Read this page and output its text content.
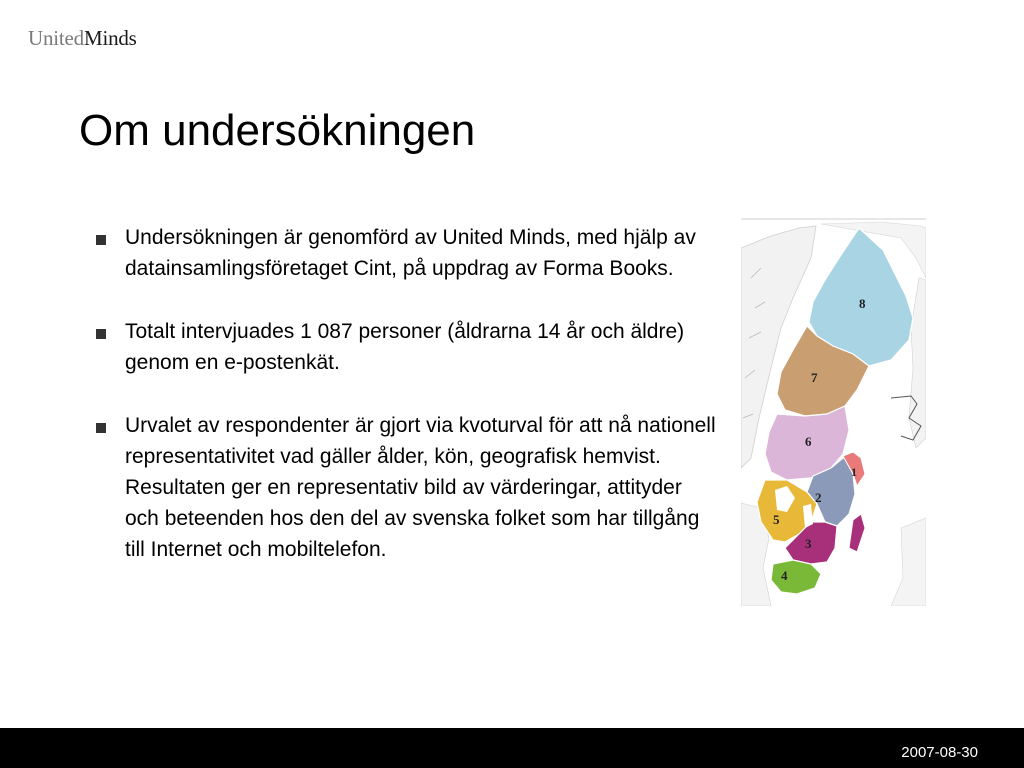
UnitedMinds
Om undersökningen
Undersökningen är genomförd av United Minds, med hjälp av datainsamlingsföretaget Cint, på uppdrag av Forma Books.
Totalt intervjuades 1 087 personer (åldrarna 14 år och äldre) genom en e-postenkät.
Urvalet av respondenter är gjort via kvoturval för att nå nationell representativitet vad gäller ålder, kön, geografisk hemvist. Resultaten ger en representativ bild av värderingar, attityder och beteenden hos den del av svenska folket som har tillgång till Internet och mobiltelefon.
8
7
6
1
2
5
3
4
2007-08-30
